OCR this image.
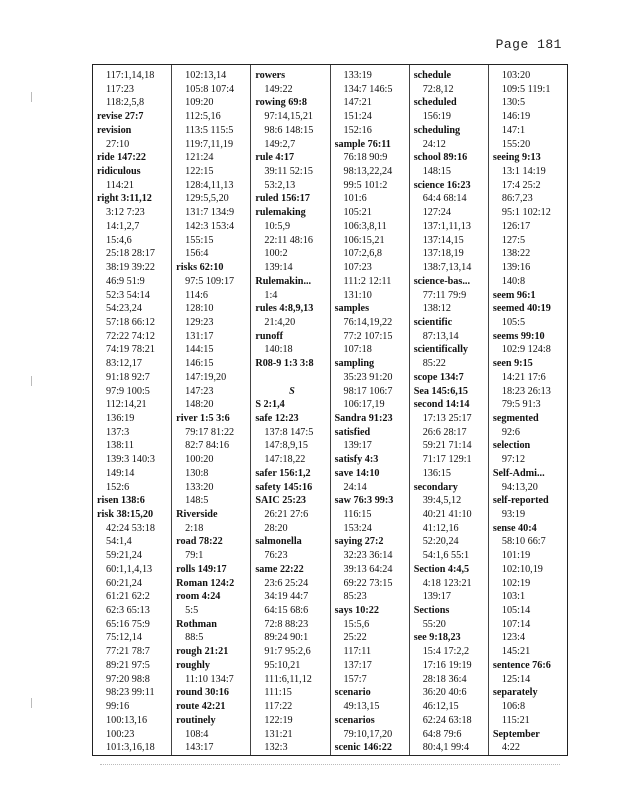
Page 181
117:1,14,18
117:23
118:2,5,8
revise 27:7
revision
27:10
ride 147:22
ridiculous
114:21
right 3:11,12
3:12 7:23
14:1,2,7
15:4,6
25:18 28:17
38:19 39:22
46:9 51:9
52:3 54:14
54:23,24
57:18 66:12
72:22 74:12
74:19 78:21
83:12,17
91:18 92:7
97:9 100:5
112:14,21
136:19
137:3
138:11
139:3 140:3
149:14
152:6
risen 138:6
risk 38:15,20
42:24 53:18
54:1,4
59:21,24
60:1,1,4,13
60:21,24
61:21 62:2
62:3 65:13
65:16 75:9
75:12,14
77:21 78:7
89:21 97:5
97:20 98:8
98:23 99:11
99:16
100:13,16
100:23
101:3,16,18
102:13,14
105:8 107:4
109:20
112:5,16
113:5 115:5
119:7,11,19
121:24
122:15
128:4,11,13
129:5,5,20
131:7 134:9
142:3 153:4
155:15
156:4
risks 62:10
97:5 109:17
114:6
128:10
129:23
131:17
144:15
146:15
147:19,20
147:23
148:20
river 1:5 3:6
79:17 81:22
82:7 84:16
100:20
130:8
133:20
148:5
Riverside
2:18
road 78:22
79:1
rolls 149:17
Roman 124:2
room 4:24
5:5
Rothman
88:5
rough 21:21
roughly
11:10 134:7
round 30:16
route 42:21
routinely
108:4
143:17
rowers
149:22
rowing 69:8
97:14,15,21
98:6 148:15
149:2,7
rule 4:17
39:11 52:15
53:2,13
ruled 156:17
rulemaking
10:5,9
22:11 48:16
100:2
139:14
Rulemakin...
1:4
rules 4:8,9,13
21:4,20
runoff
140:18
R08-9 1:3 3:8
S
S 2:1,4
safe 12:23
137:8 147:5
147:8,9,15
147:18,22
safer 156:1,2
safety 145:16
SAIC 25:23
26:21 27:6
28:20
salmonella
76:23
same 22:22
23:6 25:24
34:19 44:7
64:15 68:6
72:8 88:23
89:24 90:1
91:7 95:2,6
95:10,21
111:6,11,12
111:15
117:22
122:19
131:21
132:3
133:19
134:7 146:5
147:21
151:24
152:16
sample 76:11
76:18 90:9
98:13,22,24
99:5 101:2
101:6
105:21
106:3,8,11
106:15,21
107:2,6,8
107:23
111:2 12:11
131:10
samples
76:14,19,22
77:2 107:15
107:18
sampling
35:23 91:20
98:17 106:7
106:17,19
Sandra 91:23
satisfied
139:17
satisfy 4:3
save 14:10
24:14
saw 76:3 99:3
116:15
153:24
saying 27:2
32:23 36:14
39:13 64:24
69:22 73:15
85:23
says 10:22
15:5,6
25:22
117:11
137:17
157:7
scenario
49:13,15
scenarios
79:10,17,20
scenic 146:22
schedule
72:8,12
scheduled
156:19
scheduling
24:12
school 89:16
148:15
science 16:23
64:4 68:14
127:24
137:1,11,13
137:14,15
137:18,19
138:7,13,14
science-bas...
77:11 79:9
138:12
scientific
87:13,14
scientifically
85:22
scope 134:7
Sea 145:6,15
second 14:14
17:13 25:17
26:6 28:17
59:21 71:14
71:17 129:1
136:15
secondary
39:4,5,12
40:21 41:10
41:12,16
52:20,24
54:1,6 55:1
Section 4:4,5
4:18 123:21
139:17
Sections
55:20
see 9:18,23
15:4 17:2,2
17:16 19:19
28:18 36:4
36:20 40:6
46:12,15
62:24 63:18
64:8 79:6
80:4,1 99:4
103:20
109:5 119:1
130:5
146:19
147:1
155:20
seeing 9:13
13:1 14:19
17:4 25:2
86:7,23
95:1 102:12
126:17
127:5
138:22
139:16
140:8
seem 96:1
seemed 40:19
105:5
seems 99:10
102:9 124:8
seen 9:15
14:21 17:6
18:23 26:13
79:5 91:3
segmented
92:6
selection
97:12
Self-Admi...
94:13,20
self-reported
93:19
sense 40:4
58:10 66:7
101:19
102:10,19
102:19
103:1
105:14
107:14
123:4
145:21
sentence 76:6
125:14
separately
106:8
115:21
September
4:22
